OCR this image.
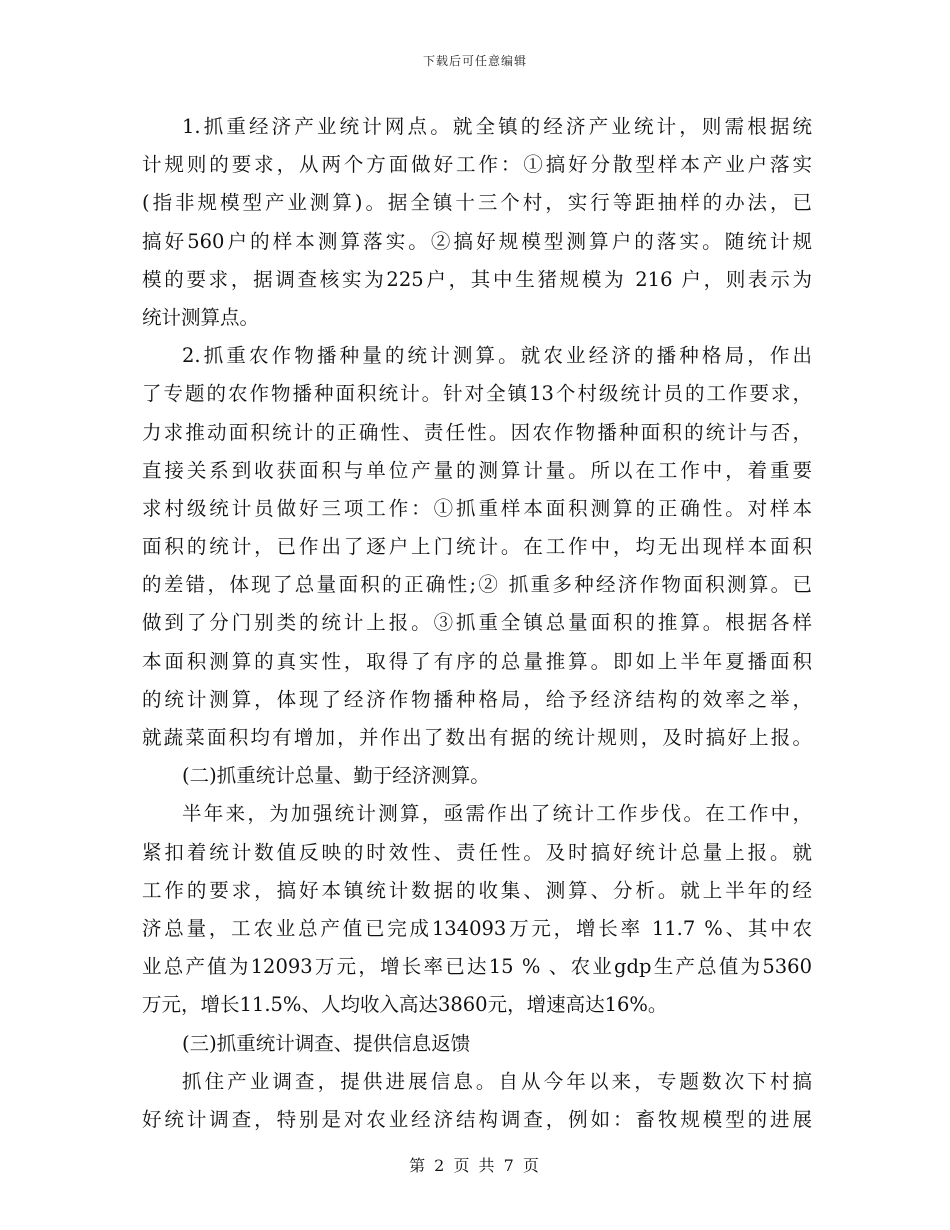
下载后可任意编辑
1.抓重经济产业统计网点。就全镇的经济产业统计，则需根据统
计规则的要求，从两个方面做好工作：①搞好分散型样本产业户落实
(指非规模型产业测算)。据全镇十三个村，实行等距抽样的办法，已
搞好560户的样本测算落实。②搞好规模型测算户的落实。随统计规
模的要求，据调查核实为225户，其中生猪规模为 216 户，则表示为
统计测算点。
2.抓重农作物播种量的统计测算。就农业经济的播种格局，作出
了专题的农作物播种面积统计。针对全镇13个村级统计员的工作要求，
力求推动面积统计的正确性、责任性。因农作物播种面积的统计与否，
直接关系到收获面积与单位产量的测算计量。所以在工作中，着重要
求村级统计员做好三项工作：①抓重样本面积测算的正确性。对样本
面积的统计，已作出了逐户上门统计。在工作中，均无出现样本面积
的差错，体现了总量面积的正确性;② 抓重多种经济作物面积测算。已
做到了分门别类的统计上报。③抓重全镇总量面积的推算。根据各样
本面积测算的真实性，取得了有序的总量推算。即如上半年夏播面积
的统计测算，体现了经济作物播种格局，给予经济结构的效率之举，
就蔬菜面积均有增加，并作出了数出有据的统计规则，及时搞好上报。
(二)抓重统计总量、勤于经济测算。
半年来，为加强统计测算，亟需作出了统计工作步伐。在工作中，
紧扣着统计数值反映的时效性、责任性。及时搞好统计总量上报。就
工作的要求，搞好本镇统计数据的收集、测算、分析。就上半年的经
济总量，工农业总产值已完成134093万元，增长率 11.7 %、其中农
业总产值为12093万元，增长率已达15 % 、农业gdp生产总值为5360
万元，增长11.5%、人均收入高达3860元，增速高达16%。
(三)抓重统计调查、提供信息返馈
抓住产业调查，提供进展信息。自从今年以来，专题数次下村搞
好统计调查，特别是对农业经济结构调查，例如：畜牧规模型的进展
第 2 页 共 7 页
